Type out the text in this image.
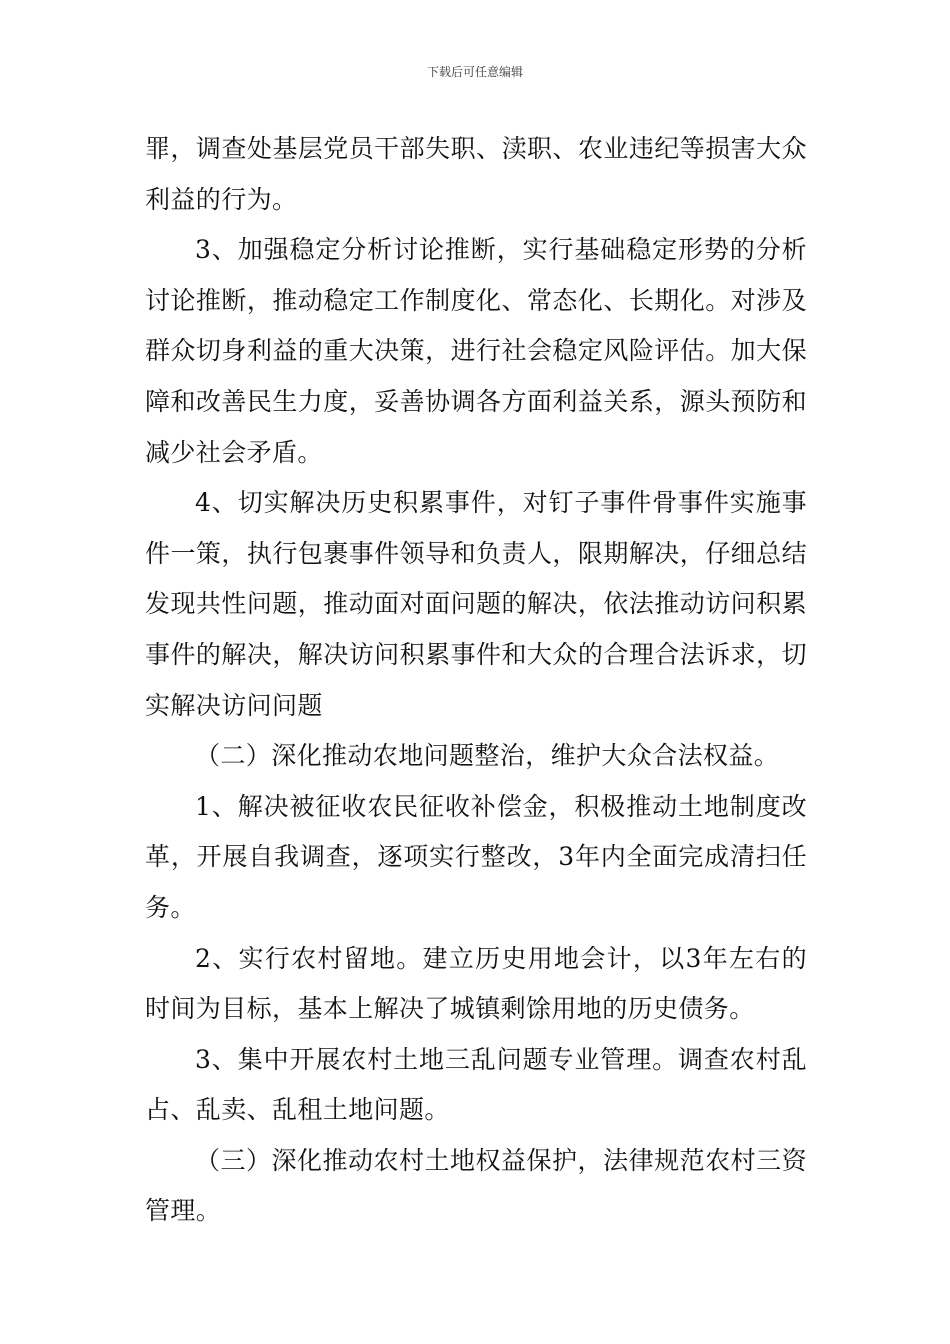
下载后可任意编辑

罪，调查处基层党员干部失职、渎职、农业违纪等损害大众利益的行为。

3、加强稳定分析讨论推断，实行基础稳定形势的分析讨论推断，推动稳定工作制度化、常态化、长期化。对涉及群众切身利益的重大决策，进行社会稳定风险评估。加大保障和改善民生力度，妥善协调各方面利益关系，源头预防和减少社会矛盾。

4、切实解决历史积累事件，对钉子事件骨事件实施事件一策，执行包裹事件领导和负责人，限期解决，仔细总结发现共性问题，推动面对面问题的解决，依法推动访问积累事件的解决，解决访问积累事件和大众的合理合法诉求，切实解决访问问题

（二）深化推动农地问题整治，维护大众合法权益。

1、解决被征收农民征收补偿金，积极推动土地制度改革，开展自我调查，逐项实行整改，3年内全面完成清扫任务。

2、实行农村留地。建立历史用地会计，以3年左右的时间为目标，基本上解决了城镇剩馀用地的历史债务。

3、集中开展农村土地三乱问题专业管理。调查农村乱占、乱卖、乱租土地问题。

（三）深化推动农村土地权益保护，法律规范农村三资管理。
